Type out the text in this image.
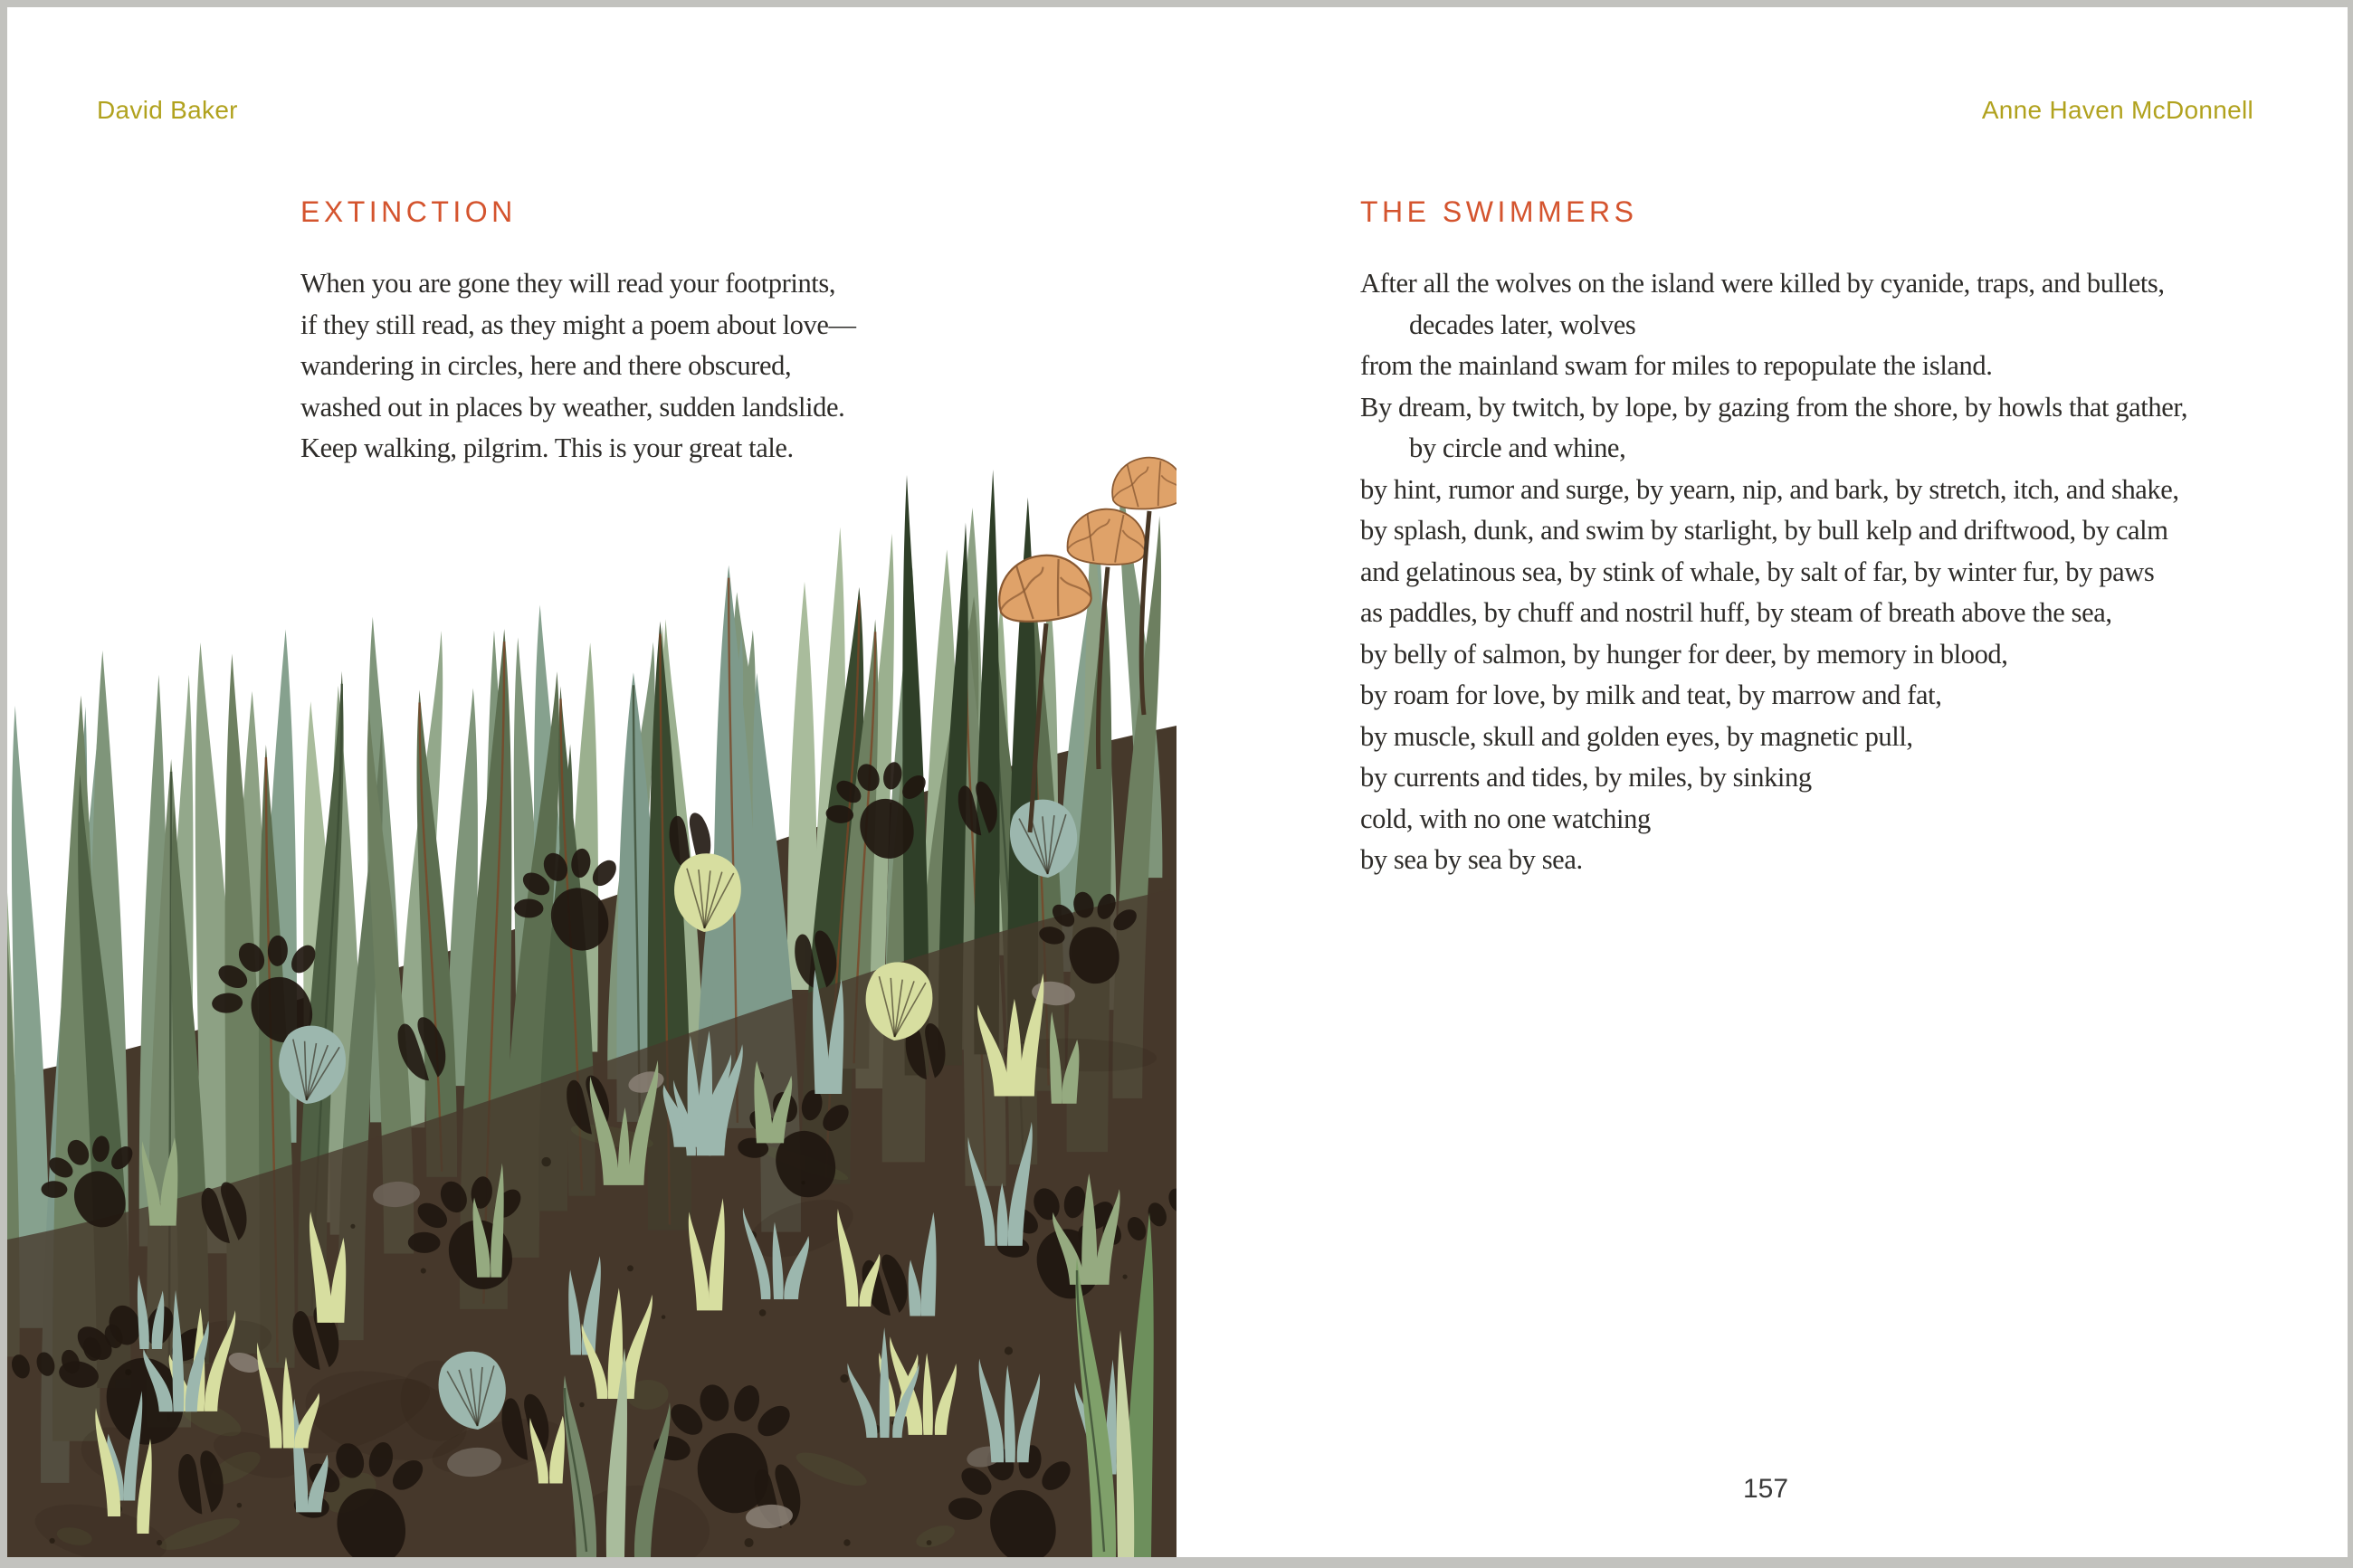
David Baker	Anne Haven McDonnell
EXTINCTION
When you are gone they will read your footprints,
if they still read, as they might a poem about love—
wandering in circles, here and there obscured,
washed out in places by weather, sudden landslide.
Keep walking, pilgrim. This is your great tale.
THE SWIMMERS
After all the wolves on the island were killed by cyanide, traps, and bullets,
decades later, wolves
from the mainland swam for miles to repopulate the island.
By dream, by twitch, by lope, by gazing from the shore, by howls that gather,
by circle and whine,
by hint, rumor and surge, by yearn, nip, and bark, by stretch, itch, and shake,
by splash, dunk, and swim by starlight, by bull kelp and driftwood, by calm
and gelatinous sea, by stink of whale, by salt of far, by winter fur, by paws
as paddles, by chuff and nostril huff, by steam of breath above the sea,
by belly of salmon, by hunger for deer, by memory in blood,
by roam for love, by milk and teat, by marrow and fat,
by muscle, skull and golden eyes, by magnetic pull,
by currents and tides, by miles, by sinking
cold, with no one watching
by sea by sea by sea.
157
